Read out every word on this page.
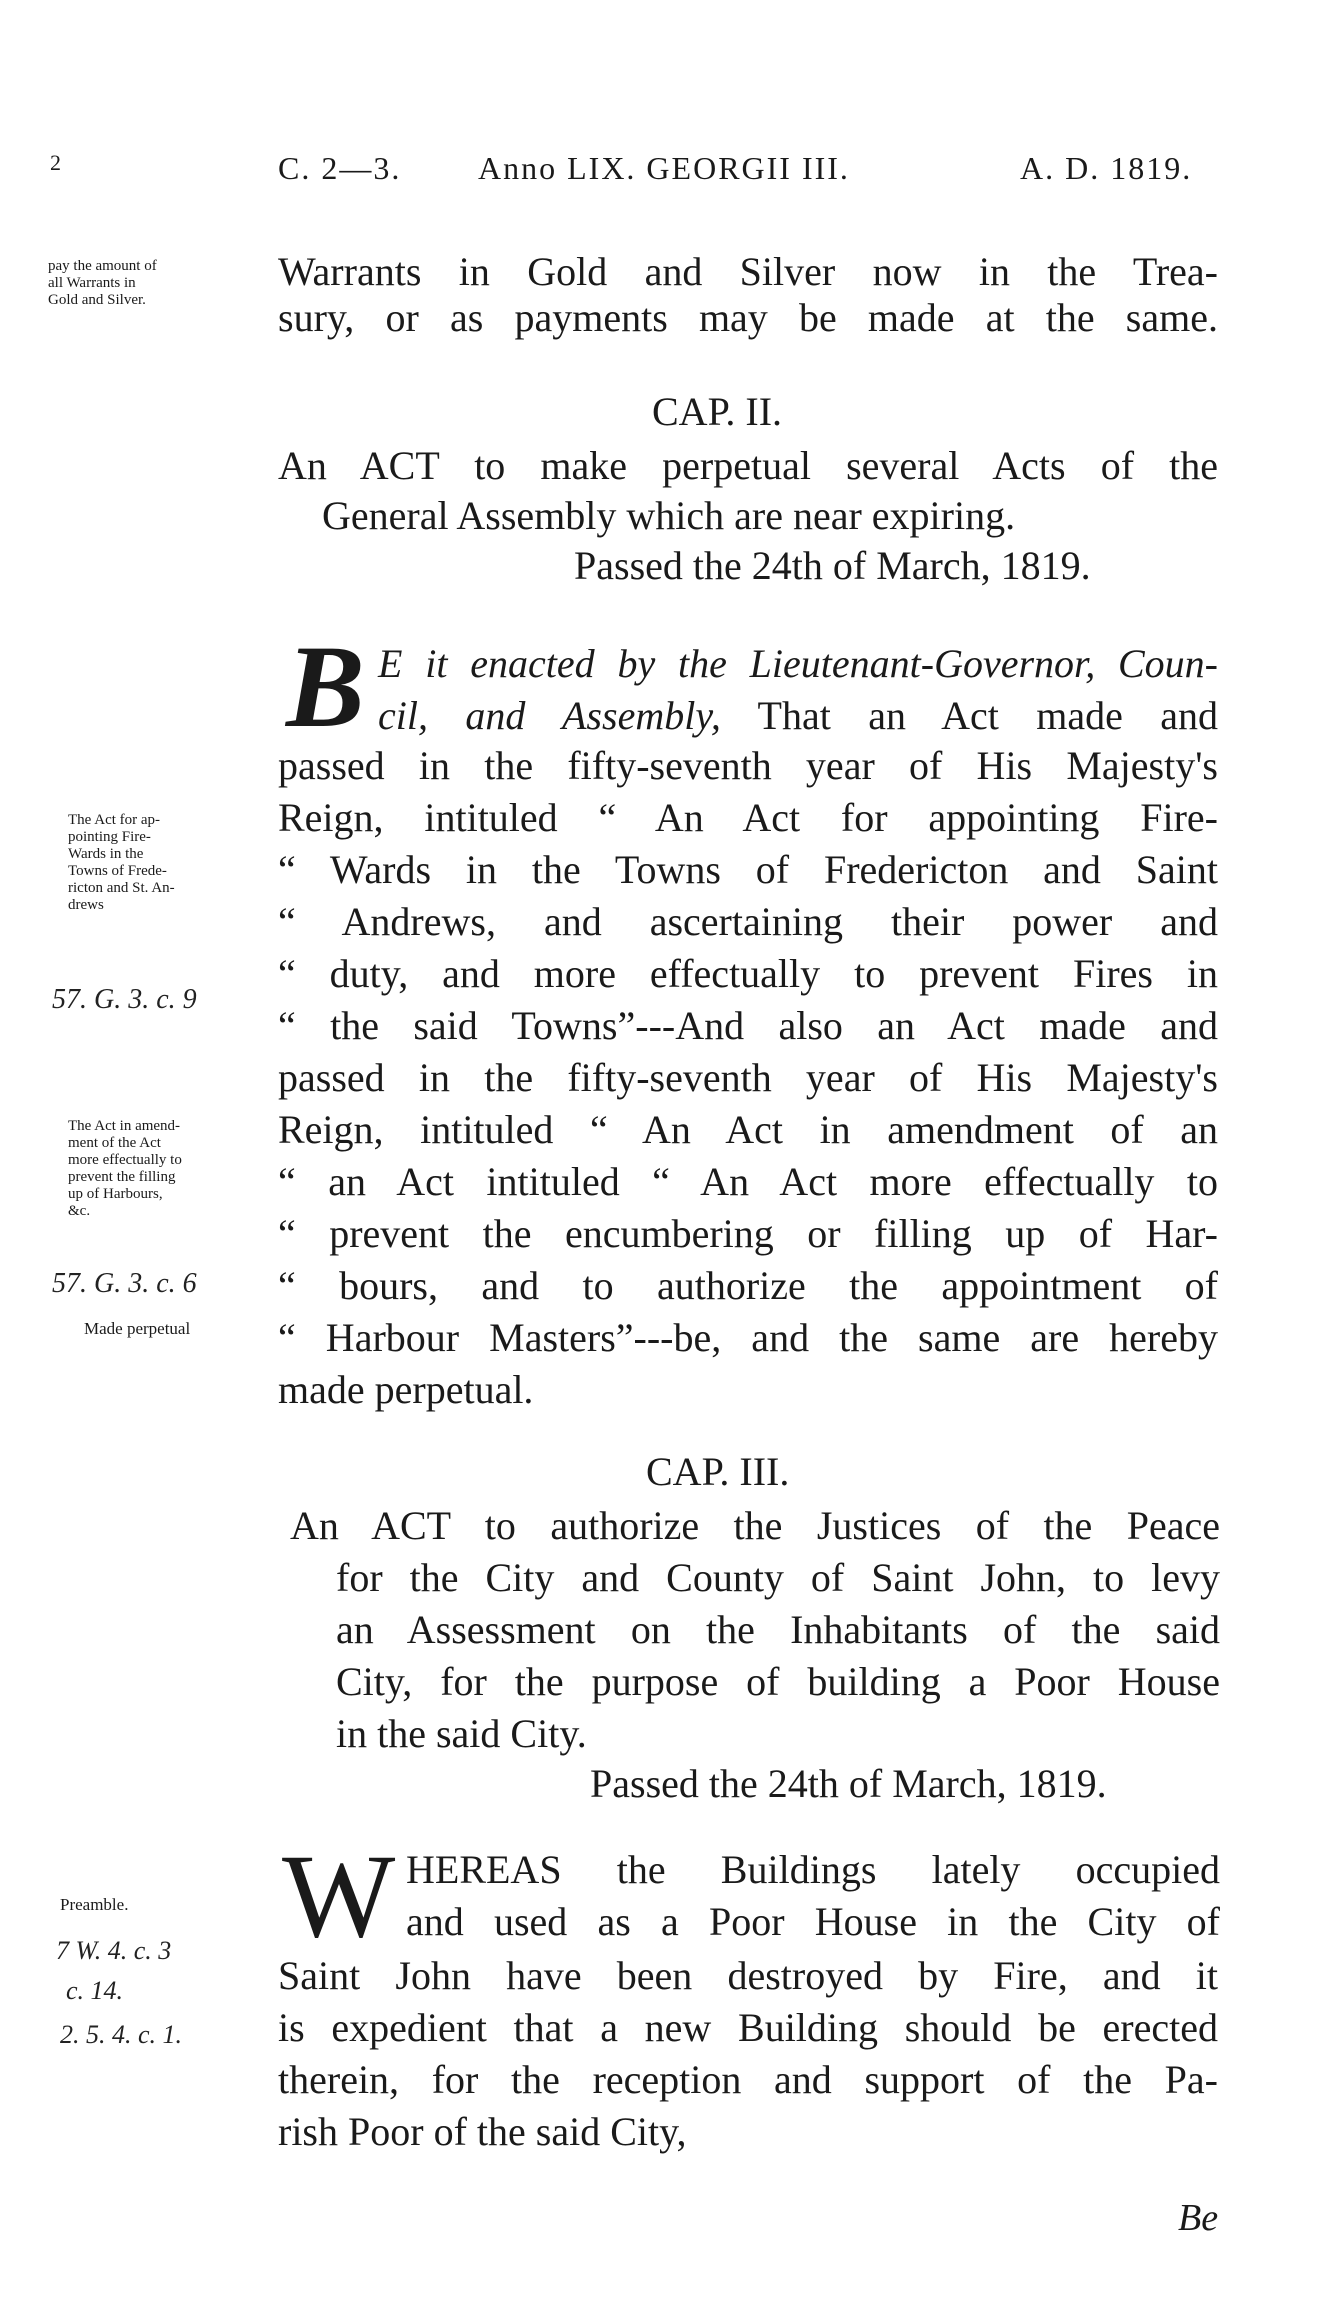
2	C. 2—3. Anno LIX. GEORGII III.	A. D. 1819.
pay the amount of
all Warrants in
Gold and Silver.
Warrants in Gold and Silver now in the Trea-
sury, or as payments may be made at the same.
CAP. II.
An ACT to make perpetual several Acts of the
General Assembly which are near expiring.
Passed the 24th of March, 1819.
B E it enacted by the Lieutenant-Governor, Coun-
cil, and Assembly, That an Act made and
passed in the fifty-seventh year of His Majesty's
Reign, intituled “ An Act for appointing Fire-
“ Wards in the Towns of Fredericton and Saint
“ Andrews, and ascertaining their power and
“ duty, and more effectually to prevent Fires in
“ the said Towns”---And also an Act made and
passed in the fifty-seventh year of His Majesty's
Reign, intituled “ An Act in amendment of an
“ an Act intituled “ An Act more effectually to
“ prevent the encumbering or filling up of Har-
“ bours, and to authorize the appointment of
“ Harbour Masters”---be, and the same are hereby
made perpetual.
The Act for ap-
pointing Fire-
Wards in the
Towns of Frede-
ricton and St. An-
drews
57. G. 3. c. 9
The Act in amend-
ment of the Act
more effectually to
prevent the filling
up of Harbours,
&c.
57. G. 3. c. 6
Made perpetual
CAP. III.
An ACT to authorize the Justices of the Peace
for the City and County of Saint John, to levy
an Assessment on the Inhabitants of the said
City, for the purpose of building a Poor House
in the said City.
Passed the 24th of March, 1819.
W HEREAS the Buildings lately occupied
and used as a Poor House in the City of
Saint John have been destroyed by Fire, and it
is expedient that a new Building should be erected
therein, for the reception and support of the Pa-
rish Poor of the said City,
Preamble.
7 W. 4. c. 3
c. 14.
2. 5. 4. c. 1.
Be
